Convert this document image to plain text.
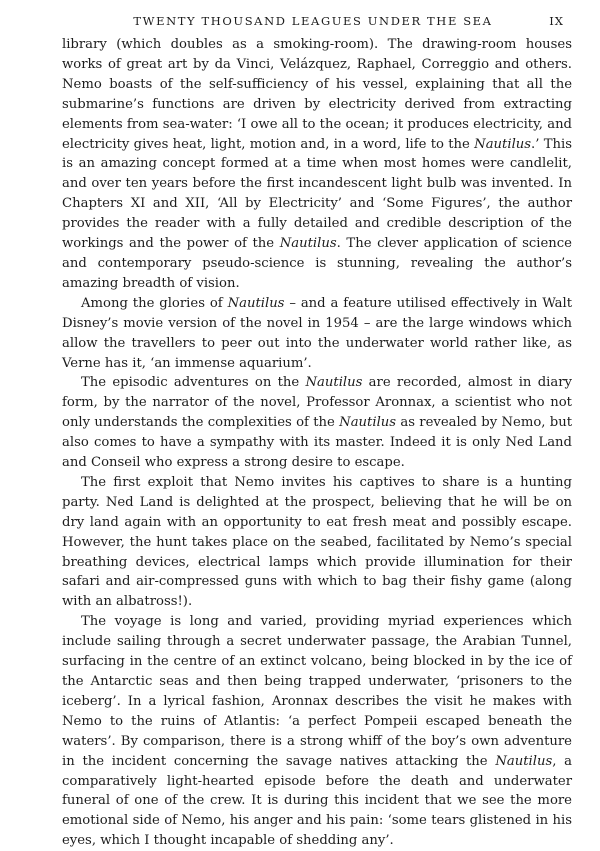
TWENTY THOUSAND LEAGUES UNDER THE SEA	IX

library (which doubles as a smoking-room). The drawing-room houses works of great art by da Vinci, Velázquez, Raphael, Correggio and others. Nemo boasts of the self-sufficiency of his vessel, explaining that all the submarine’s functions are driven by electricity derived from extracting elements from sea-water: ‘I owe all to the ocean; it produces electricity, and electricity gives heat, light, motion and, in a word, life to the Nautilus.’ This is an amazing concept formed at a time when most homes were candlelit, and over ten years before the first incandescent light bulb was invented. In Chapters XI and XII, ‘All by Electricity’ and ‘Some Figures’, the author provides the reader with a fully detailed and credible description of the workings and the power of the Nautilus. The clever application of science and contemporary pseudo-science is stunning, revealing the author’s amazing breadth of vision.

Among the glories of Nautilus – and a feature utilised effectively in Walt Disney’s movie version of the novel in 1954 – are the large windows which allow the travellers to peer out into the underwater world rather like, as Verne has it, ‘an immense aquarium’.

The episodic adventures on the Nautilus are recorded, almost in diary form, by the narrator of the novel, Professor Aronnax, a scientist who not only understands the complexities of the Nautilus as revealed by Nemo, but also comes to have a sympathy with its master. Indeed it is only Ned Land and Conseil who express a strong desire to escape.

The first exploit that Nemo invites his captives to share is a hunting party. Ned Land is delighted at the prospect, believing that he will be on dry land again with an opportunity to eat fresh meat and possibly escape. However, the hunt takes place on the seabed, facilitated by Nemo’s special breathing devices, electrical lamps which provide illumination for their safari and air-compressed guns with which to bag their fishy game (along with an albatross!).

The voyage is long and varied, providing myriad experiences which include sailing through a secret underwater passage, the Arabian Tunnel, surfacing in the centre of an extinct volcano, being blocked in by the ice of the Antarctic seas and then being trapped underwater, ‘prisoners to the iceberg’. In a lyrical fashion, Aronnax describes the visit he makes with Nemo to the ruins of Atlantis: ‘a perfect Pompeii escaped beneath the waters’. By comparison, there is a strong whiff of the boy’s own adventure in the incident concerning the savage natives attacking the Nautilus, a comparatively light-hearted episode before the death and underwater funeral of one of the crew. It is during this incident that we see the more emotional side of Nemo, his anger and his pain: ‘some tears glistened in his eyes, which I thought incapable of shedding any’.
